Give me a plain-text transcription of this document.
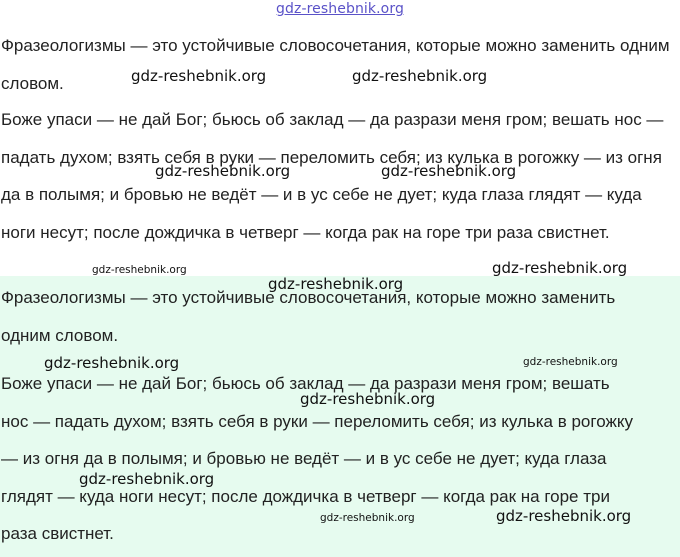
gdz-reshebnik.org

Фразеологизмы — это устойчивые словосочетания, которые можно заменить одним словом.

Боже упаси — не дай Бог; бьюсь об заклад — да разрази меня гром; вешать нос — падать духом; взять себя в руки — переломить себя; из кулька в рогожку — из огня да в полымя; и бровью не ведёт — и в ус себе не дует; куда глаза глядят — куда ноги несут; после дождичка в четверг — когда рак на горе три раза свистнет.

Фразеологизмы — это устойчивые словосочетания, которые можно заменить одним словом.

Боже упаси — не дай Бог; бьюсь об заклад — да разрази меня гром; вешать нос — падать духом; взять себя в руки — переломить себя; из кулька в рогожку — из огня да в полымя; и бровью не ведёт — и в ус себе не дует; куда глаза глядят — куда ноги несут; после дождичка в четверг — когда рак на горе три раза свистнет.

gdz-reshebnik.org	gdz-reshebnik.org
gdz-reshebnik.org	gdz-reshebnik.org
gdz-reshebnik.org	gdz-reshebnik.org
gdz-reshebnik.org
gdz-reshebnik.org	gdz-reshebnik.org
gdz-reshebnik.org
gdz-reshebnik.org
gdz-reshebnik.org	gdz-reshebnik.org
